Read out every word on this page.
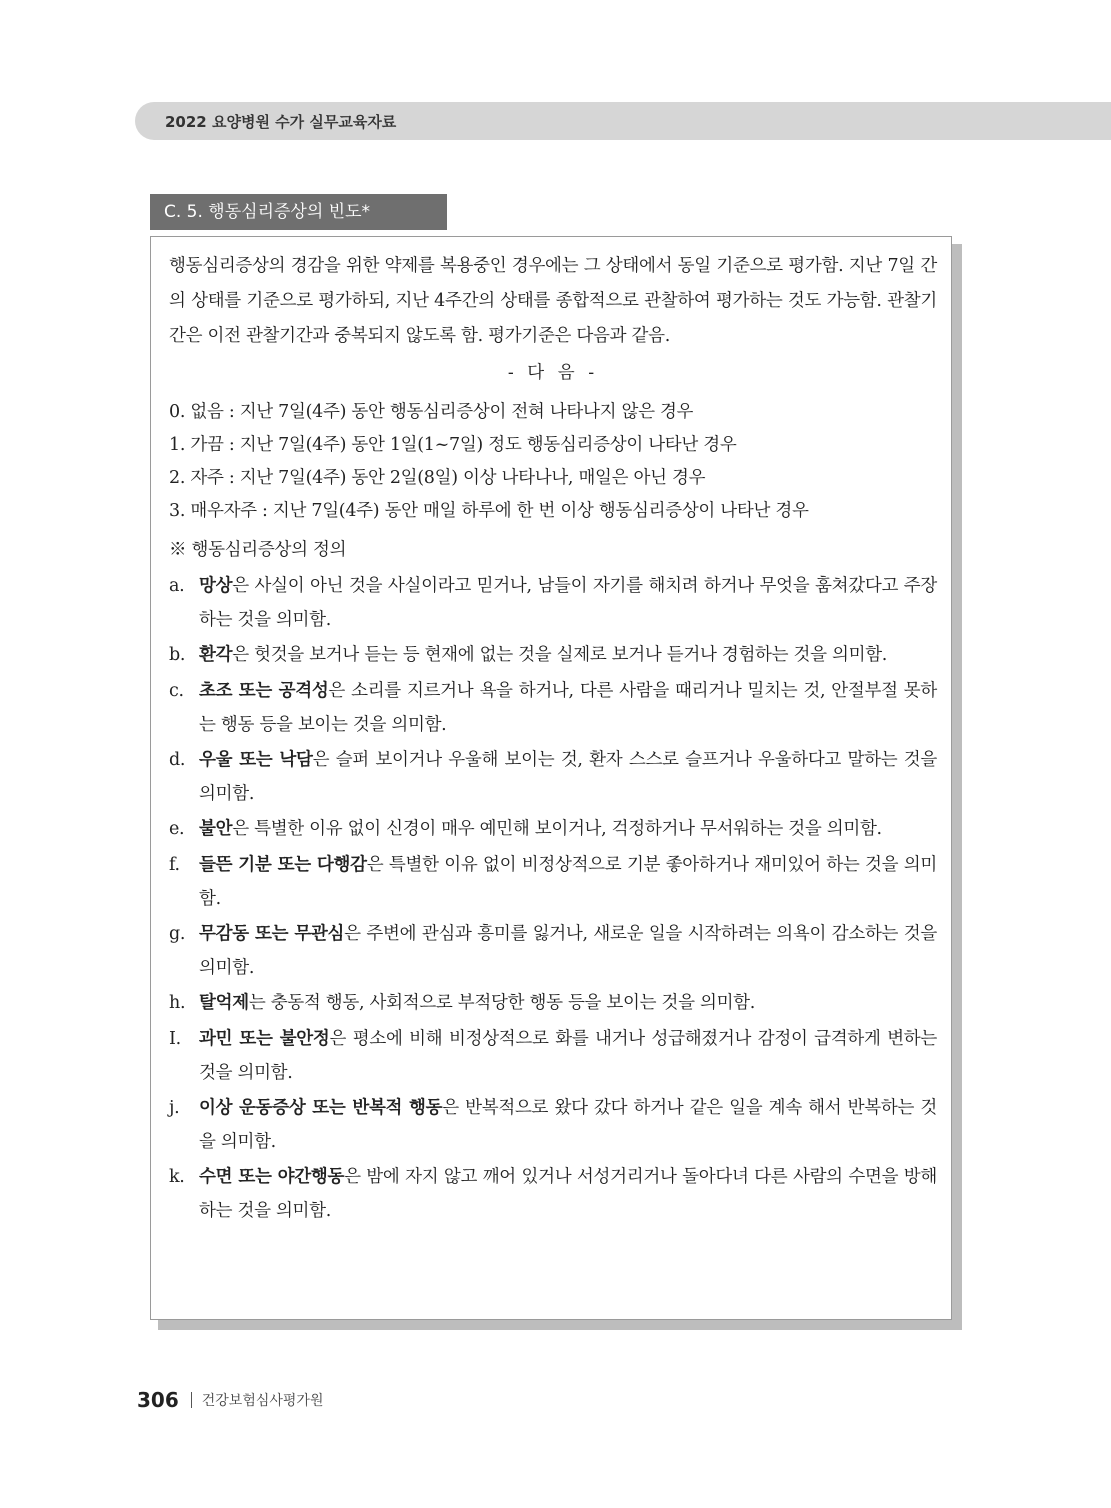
2022 요양병원 수가 실무교육자료
C. 5. 행동심리증상의 빈도*
행동심리증상의 경감을 위한 약제를 복용중인 경우에는 그 상태에서 동일 기준으로 평가함. 지난 7일 간의 상태를 기준으로 평가하되, 지난 4주간의 상태를 종합적으로 관찰하여 평가하는 것도 가능함. 관찰기간은 이전 관찰기간과 중복되지 않도록 함. 평가기준은 다음과 같음.
- 다 음 -
0. 없음 : 지난 7일(4주) 동안 행동심리증상이 전혀 나타나지 않은 경우
1. 가끔 : 지난 7일(4주) 동안 1일(1~7일) 정도 행동심리증상이 나타난 경우
2. 자주 : 지난 7일(4주) 동안 2일(8일) 이상 나타나나, 매일은 아닌 경우
3. 매우자주 : 지난 7일(4주) 동안 매일 하루에 한 번 이상 행동심리증상이 나타난 경우
※ 행동심리증상의 정의
a. 망상은 사실이 아닌 것을 사실이라고 믿거나, 남들이 자기를 해치려 하거나 무엇을 훔쳐갔다고 주장하는 것을 의미함.
b. 환각은 헛것을 보거나 듣는 등 현재에 없는 것을 실제로 보거나 듣거나 경험하는 것을 의미함.
c. 초조 또는 공격성은 소리를 지르거나 욕을 하거나, 다른 사람을 때리거나 밀치는 것, 안절부절 못하는 행동 등을 보이는 것을 의미함.
d. 우울 또는 낙담은 슬퍼 보이거나 우울해 보이는 것, 환자 스스로 슬프거나 우울하다고 말하는 것을 의미함.
e. 불안은 특별한 이유 없이 신경이 매우 예민해 보이거나, 걱정하거나 무서워하는 것을 의미함.
f.	들뜬 기분 또는 다행감은 특별한 이유 없이 비정상적으로 기분 좋아하거나 재미있어 하는 것을 의미함.
g. 무감동 또는 무관심은 주변에 관심과 흥미를 잃거나, 새로운 일을 시작하려는 의욕이 감소하는 것을 의미함.
h. 탈억제는 충동적 행동, 사회적으로 부적당한 행동 등을 보이는 것을 의미함.
I.	과민 또는 불안정은 평소에 비해 비정상적으로 화를 내거나 성급해졌거나 감정이 급격하게 변하는 것을 의미함.
j.	이상 운동증상 또는 반복적 행동은 반복적으로 왔다 갔다 하거나 같은 일을 계속 해서 반복하는 것을 의미함.
k. 수면 또는 야간행동은 밤에 자지 않고 깨어 있거나 서성거리거나 돌아다녀 다른 사람의 수면을 방해하는 것을 의미함.
306 건강보험심사평가원
